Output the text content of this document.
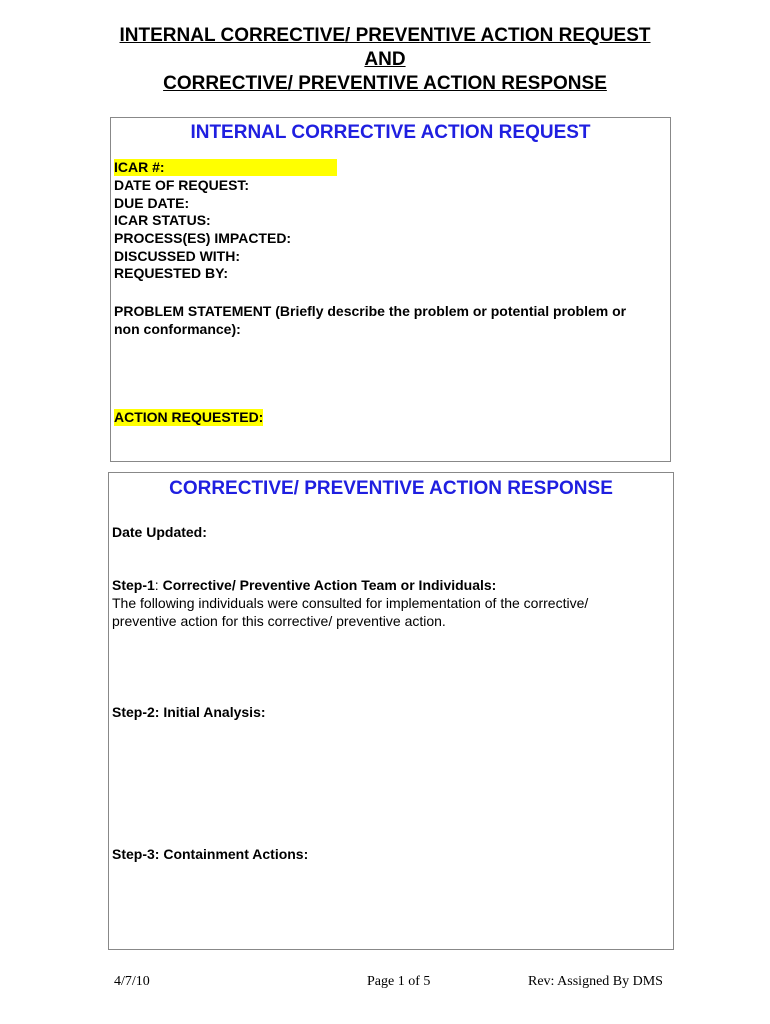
INTERNAL CORRECTIVE/ PREVENTIVE ACTION REQUEST
AND
CORRECTIVE/ PREVENTIVE ACTION RESPONSE
INTERNAL CORRECTIVE ACTION REQUEST
ICAR #:
DATE OF REQUEST:
DUE DATE:
ICAR STATUS:
PROCESS(ES) IMPACTED:
DISCUSSED WITH:
REQUESTED BY:
PROBLEM STATEMENT (Briefly describe the problem or potential problem or
non conformance):
ACTION REQUESTED:
CORRECTIVE/ PREVENTIVE ACTION RESPONSE
Date Updated:
Step-1: Corrective/ Preventive Action Team or Individuals:
The following individuals were consulted for implementation of the corrective/
preventive action for this corrective/ preventive action.
Step-2: Initial Analysis:
Step-3: Containment Actions:
4/7/10	Page 1 of 5	Rev: Assigned By DMS
